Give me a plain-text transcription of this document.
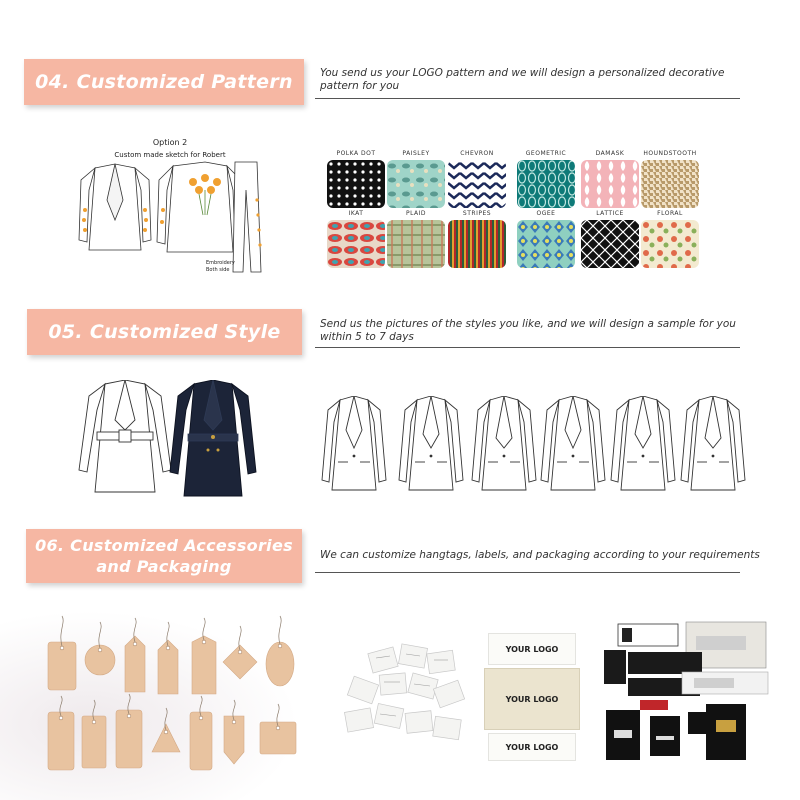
04. Customized Pattern	You send us your LOGO pattern and we will design a personalized decorative pattern for you
Option 2
Custom made sketch for Robert
Embroidery
Both side
POLKA DOT	PAISLEY	CHEVRON	GEOMETRIC	DAMASK	HOUNDSTOOTH
IKAT	PLAID	STRIPES	OGEE	LATTICE	FLORAL
05. Customized Style	Send us the pictures of the styles you like, and we will design a sample for you within 5 to 7 days
06. Customized Accessories
and Packaging
We can customize hangtags, labels, and packaging according to your requirements
YOUR LOGO
YOUR LOGO
YOUR LOGO
